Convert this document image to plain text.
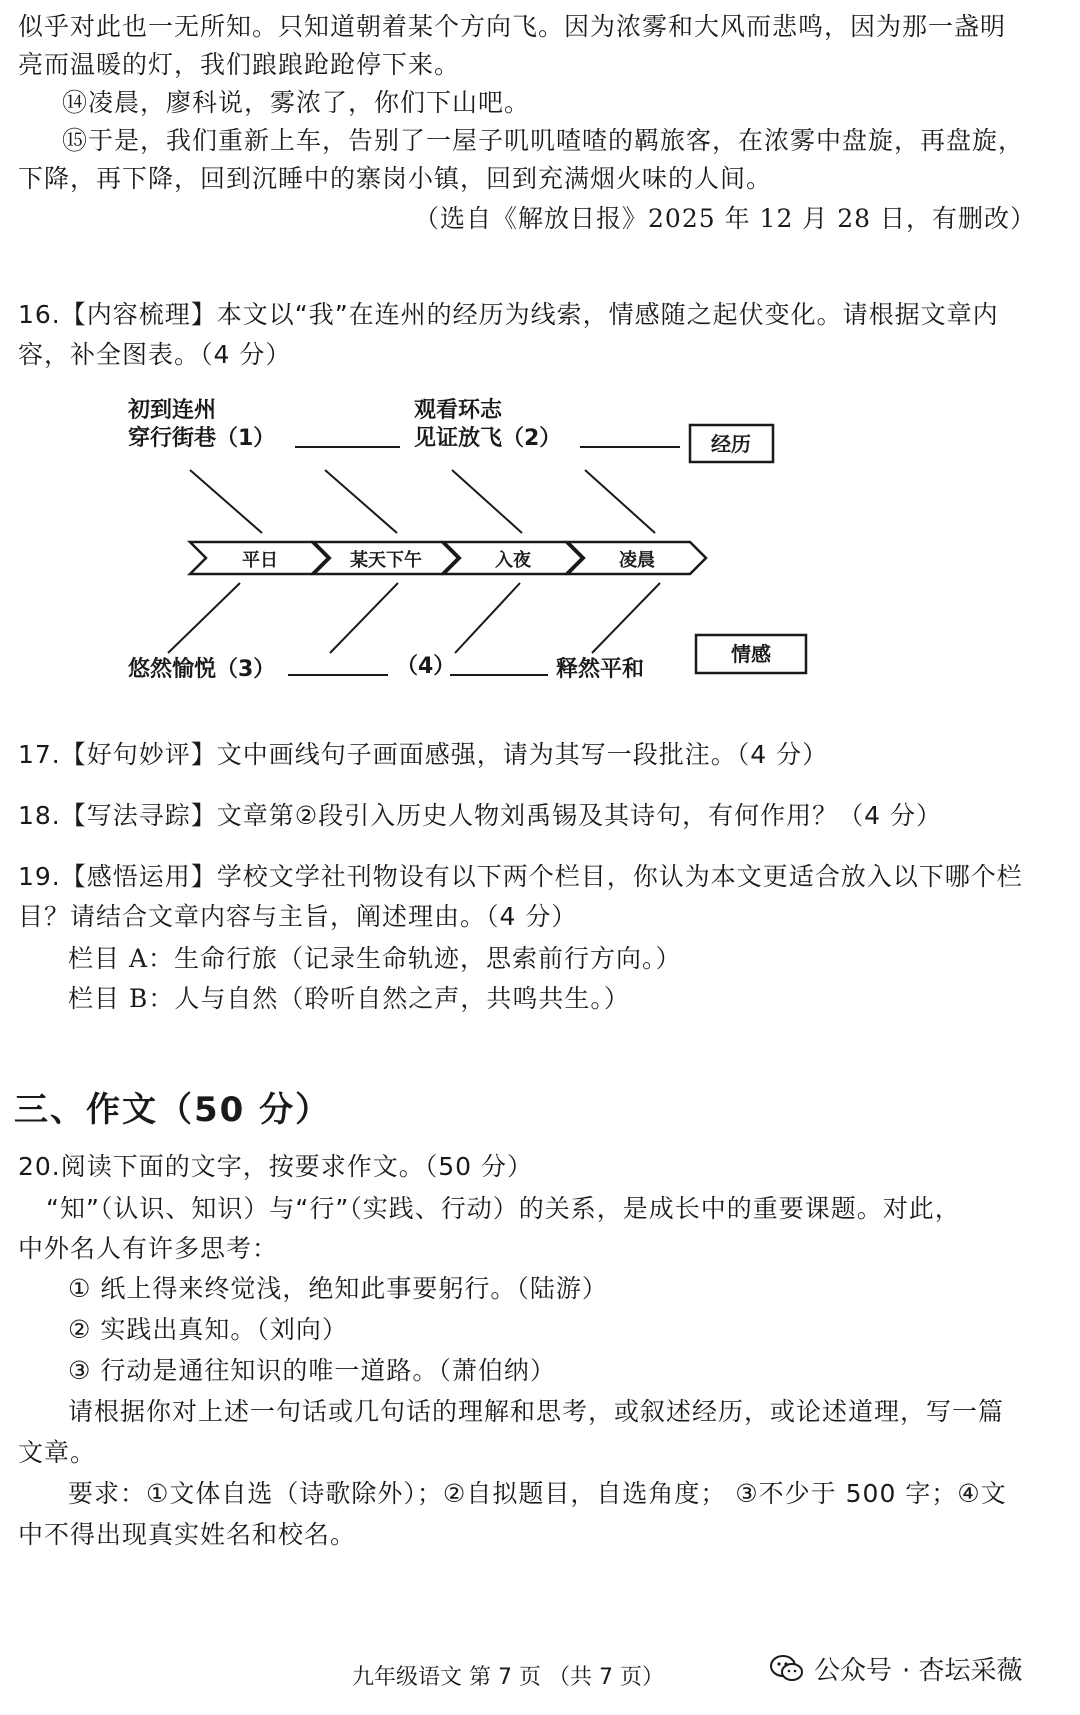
似乎对此也一无所知。只知道朝着某个方向飞。因为浓雾和大风而悲鸣，因为那一盏明
亮而温暖的灯，我们踉踉跄跄停下来。
⑭凌晨，廖科说，雾浓了，你们下山吧。
⑮于是，我们重新上车，告别了一屋子叽叽喳喳的羁旅客，在浓雾中盘旋，再盘旋，
下降，再下降，回到沉睡中的寨岗小镇，回到充满烟火味的人间。
（选自《解放日报》2025 年 12 月 28 日，有删改）
16.【内容梳理】本文以“我”在连州的经历为线索，情感随之起伏变化。请根据文章内
容，补全图表。（4 分）
初到连州
穿行街巷（1）
观看环志
见证放飞（2）	经历
平日	某天下午	入夜	凌晨
悠然愉悦（3）	（4）	释然平和
情感
17.【好句妙评】文中画线句子画面感强，请为其写一段批注。（4 分）
18.【写法寻踪】文章第②段引入历史人物刘禹锡及其诗句，有何作用？（4 分）
19.【感悟运用】学校文学社刊物设有以下两个栏目，你认为本文更适合放入以下哪个栏
目？请结合文章内容与主旨，阐述理由。（4 分）
栏目 A：生命行旅（记录生命轨迹，思索前行方向。）
栏目 B：人与自然（聆听自然之声，共鸣共生。）
三、作文（50 分）
20.阅读下面的文字，按要求作文。（50 分）
“知”（认识、知识）与“行”（实践、行动）的关系，是成长中的重要课题。对此，
中外名人有许多思考：
① 纸上得来终觉浅，绝知此事要躬行。（陆游）
② 实践出真知。（刘向）
③ 行动是通往知识的唯一道路。（萧伯纳）
请根据你对上述一句话或几句话的理解和思考，或叙述经历，或论述道理，写一篇
文章。
要求：①文体自选（诗歌除外）；②自拟题目，自选角度； ③不少于 500 字；④文
中不得出现真实姓名和校名。
九年级语文 第 7 页 （共 7 页）	公众号 · 杏坛采薇
